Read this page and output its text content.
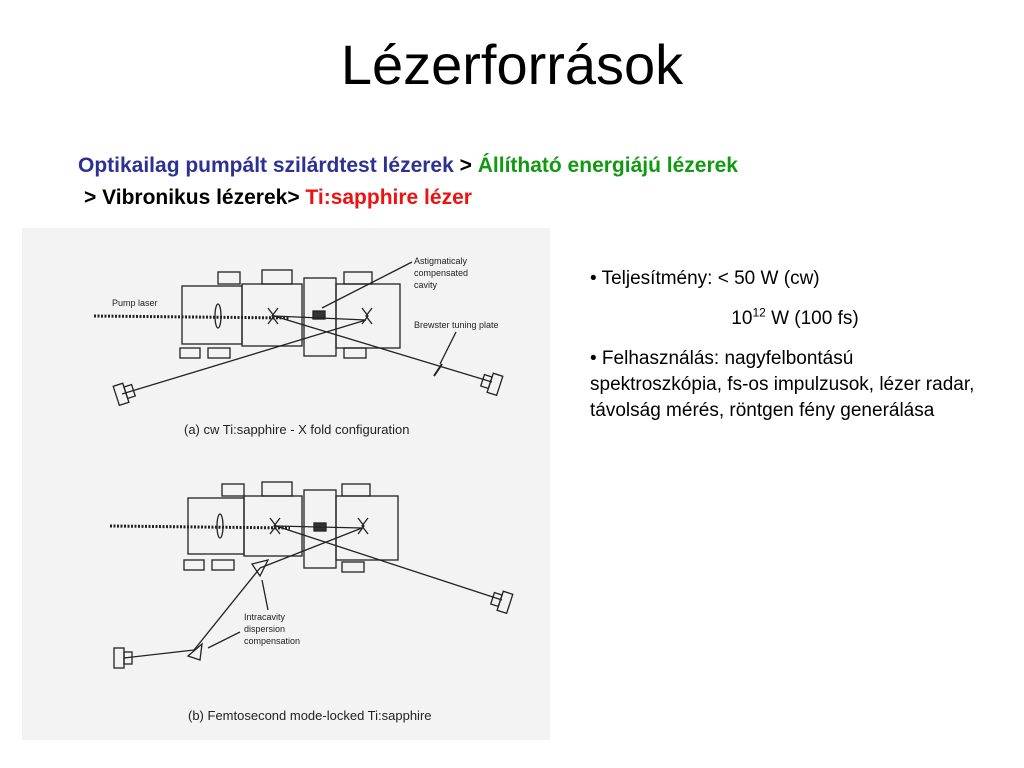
Lézerforrások
Optikailag pumpált szilárdtest lézerek > Állítható energiájú lézerek
> Vibronikus lézerek> Ti:sapphire lézer
Pump laser
Astigmaticaly
compensated
cavity
Brewster tuning plate
(a) cw Ti:sapphire - X fold configuration
Intracavity
dispersion
compensation
(b) Femtosecond mode-locked Ti:sapphire
• Teljesítmény: < 50 W (cw)
$10^{12}$ W (100 fs)
• Felhasználás: nagyfelbontású spektroszkópia, fs-os impulzusok, lézer radar, távolság mérés, röntgen fény generálása
